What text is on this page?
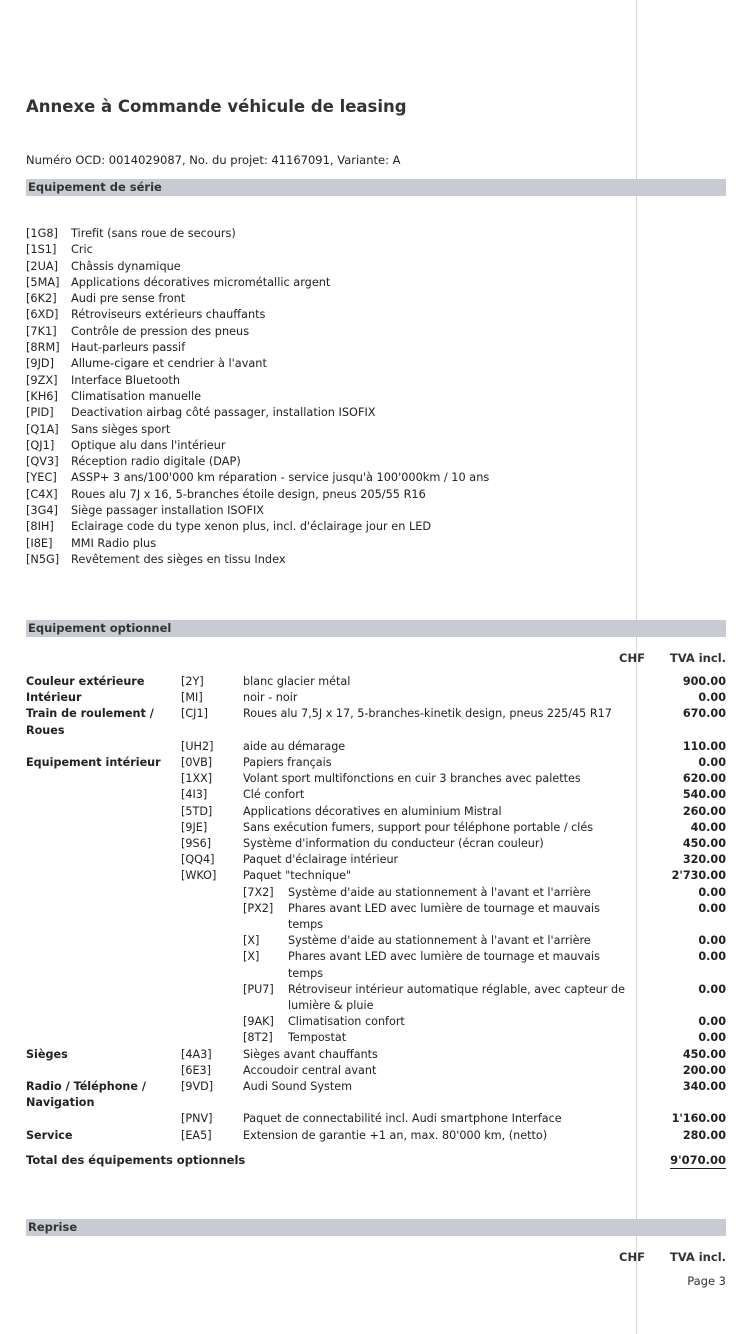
Annexe à Commande véhicule de leasing
Numéro OCD: 0014029087, No. du projet: 41167091, Variante: A
Equipement de série
[1G8] Tirefit (sans roue de secours)
[1S1] Cric
[2UA] Châssis dynamique
[5MA] Applications décoratives micrométallic argent
[6K2] Audi pre sense front
[6XD] Rétroviseurs extérieurs chauffants
[7K1] Contrôle de pression des pneus
[8RM] Haut-parleurs passif
[9JD] Allume-cigare et cendrier à l'avant
[9ZX] Interface Bluetooth
[KH6] Climatisation manuelle
[PID] Deactivation airbag côté passager, installation ISOFIX
[Q1A] Sans sièges sport
[QJ1] Optique alu dans l'intérieur
[QV3] Réception radio digitale (DAP)
[YEC] ASSP+ 3 ans/100'000 km réparation - service jusqu'à 100'000km / 10 ans
[C4X] Roues alu 7J x 16, 5-branches étoile design, pneus 205/55 R16
[3G4] Siège passager installation ISOFIX
[8IH] Eclairage code du type xenon plus, incl. d'éclairage jour en LED
[I8E] MMI Radio plus
[N5G] Revêtement des sièges en tissu Index
Equipement optionnel
CHF TVA incl.
Couleur extérieure	[2Y]	blanc glacier métal	900.00
Intérieur	[MI]	noir - noir	0.00
Train de roulement / Roues	[CJ1]	Roues alu 7,5J x 17, 5-branches-kinetik design, pneus 225/45 R17	670.00
	[UH2]	aide au démarage	110.00
Equipement intérieur	[0VB]	Papiers français	0.00
	[1XX]	Volant sport multifonctions en cuir 3 branches avec palettes	620.00
	[4I3]	Clé confort	540.00
	[5TD]	Applications décoratives en aluminium Mistral	260.00
	[9JE]	Sans exécution fumers, support pour téléphone portable / clés	40.00
	[9S6]	Système d'information du conducteur (écran couleur)	450.00
	[QQ4]	Paquet d'éclairage intérieur	320.00
	[WKO]	Paquet "technique"	2'730.00

		[7X2] Système d'aide au stationnement à l'avant et l'arrière	0.00

		[PX2] Phares avant LED avec lumière de tournage et mauvais temps	0.00

		[X] Système d'aide au stationnement à l'avant et l'arrière	0.00

		[X] Phares avant LED avec lumière de tournage et mauvais temps	0.00

		[PU7] Rétroviseur intérieur automatique réglable, avec capteur de lumière & pluie	0.00

		[9AK] Climatisation confort	0.00

		[8T2] Tempostat	0.00
Sièges	[4A3]	Sièges avant chauffants	450.00
	[6E3]	Accoudoir central avant	200.00
Radio / Téléphone / Navigation	[9VD]	Audi Sound System	340.00
	[PNV]	Paquet de connectabilité incl. Audi smartphone Interface	1'160.00
Service	[EA5]	Extension de garantie +1 an, max. 80'000 km, (netto)	280.00
Total des équipements optionnels	9'070.00
Reprise
CHF TVA incl.
Page 3
